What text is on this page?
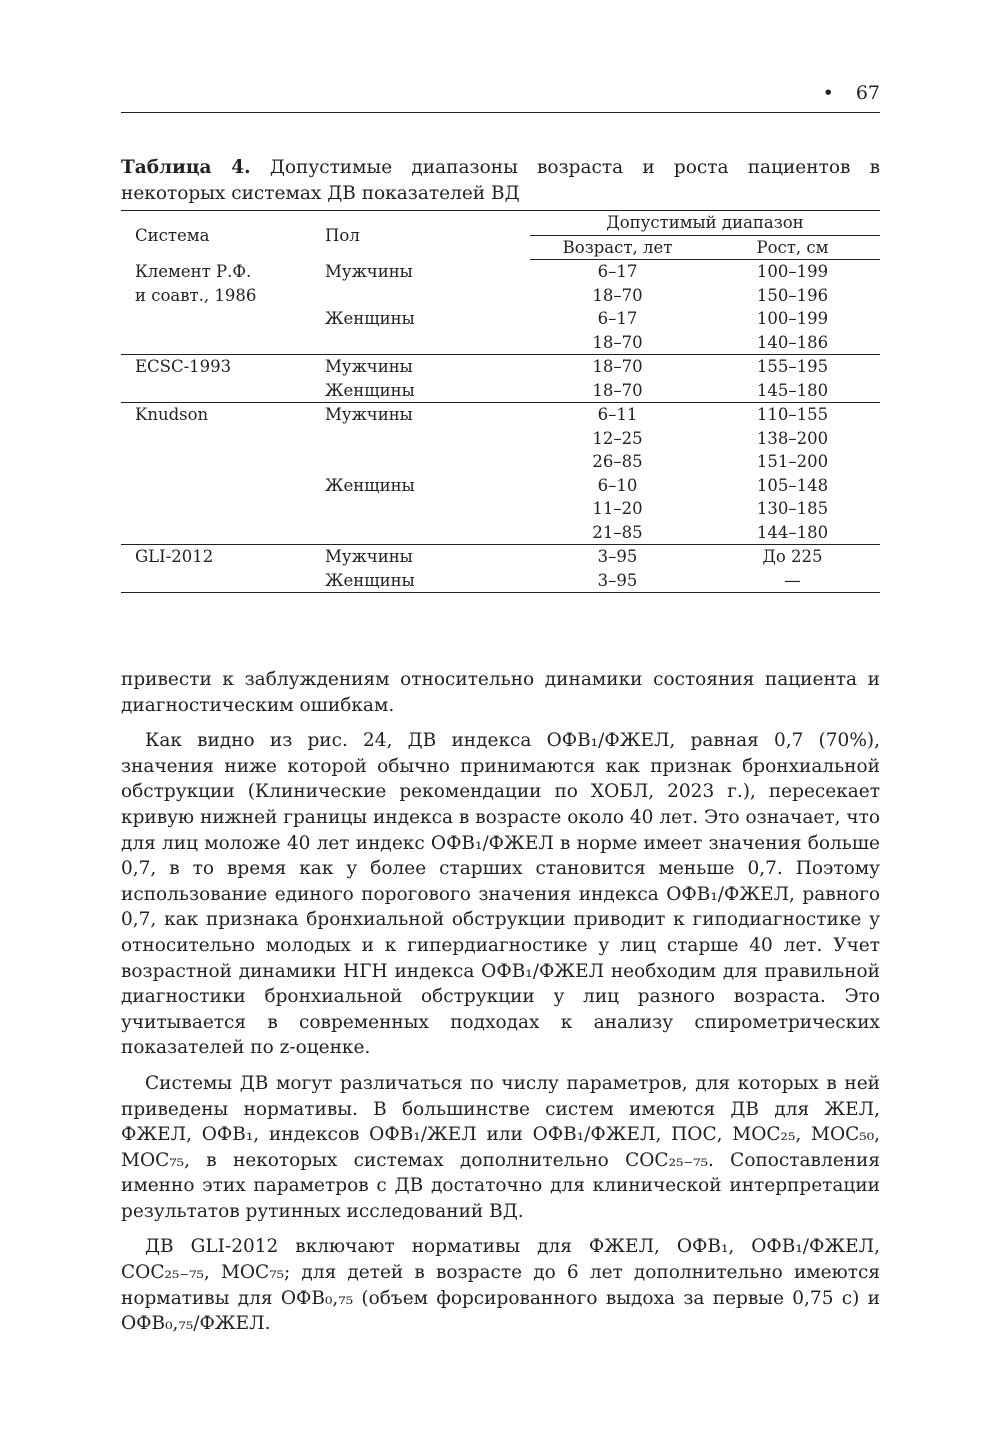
• 67
Таблица 4. Допустимые диапазоны возраста и роста пациентов в некоторых системах ДВ показателей ВД
Система	Пол	Допустимый диапазон	
		Возраст, лет	Рост, см
Клемент Р.Ф.	Мужчины	6–17	100–199
и соавт., 1986		18–70	150–196
	Женщины	6–17	100–199
		18–70	140–186
ECSC-1993	Мужчины	18–70	155–195
	Женщины	18–70	145–180
Knudson	Мужчины	6–11	110–155
		12–25	138–200
		26–85	151–200
	Женщины	6–10	105–148
		11–20	130–185
		21–85	144–180
GLI-2012	Мужчины	3–95	До 225
	Женщины	3–95	—

привести к заблуждениям относительно динамики состояния пациента и диагностическим ошибкам.

Как видно из рис. 24, ДВ индекса ОФВ₁/ФЖЕЛ, равная 0,7 (70%), значения ниже которой обычно принимаются как признак бронхиальной обструкции (Клинические рекомендации по ХОБЛ, 2023 г.), пересекает кривую нижней границы индекса в возрасте около 40 лет. Это означает, что для лиц моложе 40 лет индекс ОФВ₁/ФЖЕЛ в норме имеет значения больше 0,7, в то время как у более старших становится меньше 0,7. Поэтому использование единого порогового значения индекса ОФВ₁/ФЖЕЛ, равного 0,7, как признака бронхиальной обструкции приводит к гиподиагностике у относительно молодых и к гипердиагностике у лиц старше 40 лет. Учет возрастной динамики НГН индекса ОФВ₁/ФЖЕЛ необходим для правильной диагностики бронхиальной обструкции у лиц разного возраста. Это учитывается в современных подходах к анализу спирометрических показателей по z-оценке.

Системы ДВ могут различаться по числу параметров, для которых в ней приведены нормативы. В большинстве систем имеются ДВ для ЖЕЛ, ФЖЕЛ, ОФВ₁, индексов ОФВ₁/ЖЕЛ или ОФВ₁/ФЖЕЛ, ПОС, МОС₂₅, МОС₅₀, МОС₇₅, в некоторых системах дополнительно СОС₂₅₋₇₅. Сопоставления именно этих параметров с ДВ достаточно для клинической интерпретации результатов рутинных исследований ВД.

ДВ GLI-2012 включают нормативы для ФЖЕЛ, ОФВ₁, ОФВ₁/ФЖЕЛ, СОС₂₅₋₇₅, МОС₇₅; для детей в возрасте до 6 лет дополнительно имеются нормативы для ОФВ₀,₇₅ (объем форсированного выдоха за первые 0,75 с) и ОФВ₀,₇₅/ФЖЕЛ.
